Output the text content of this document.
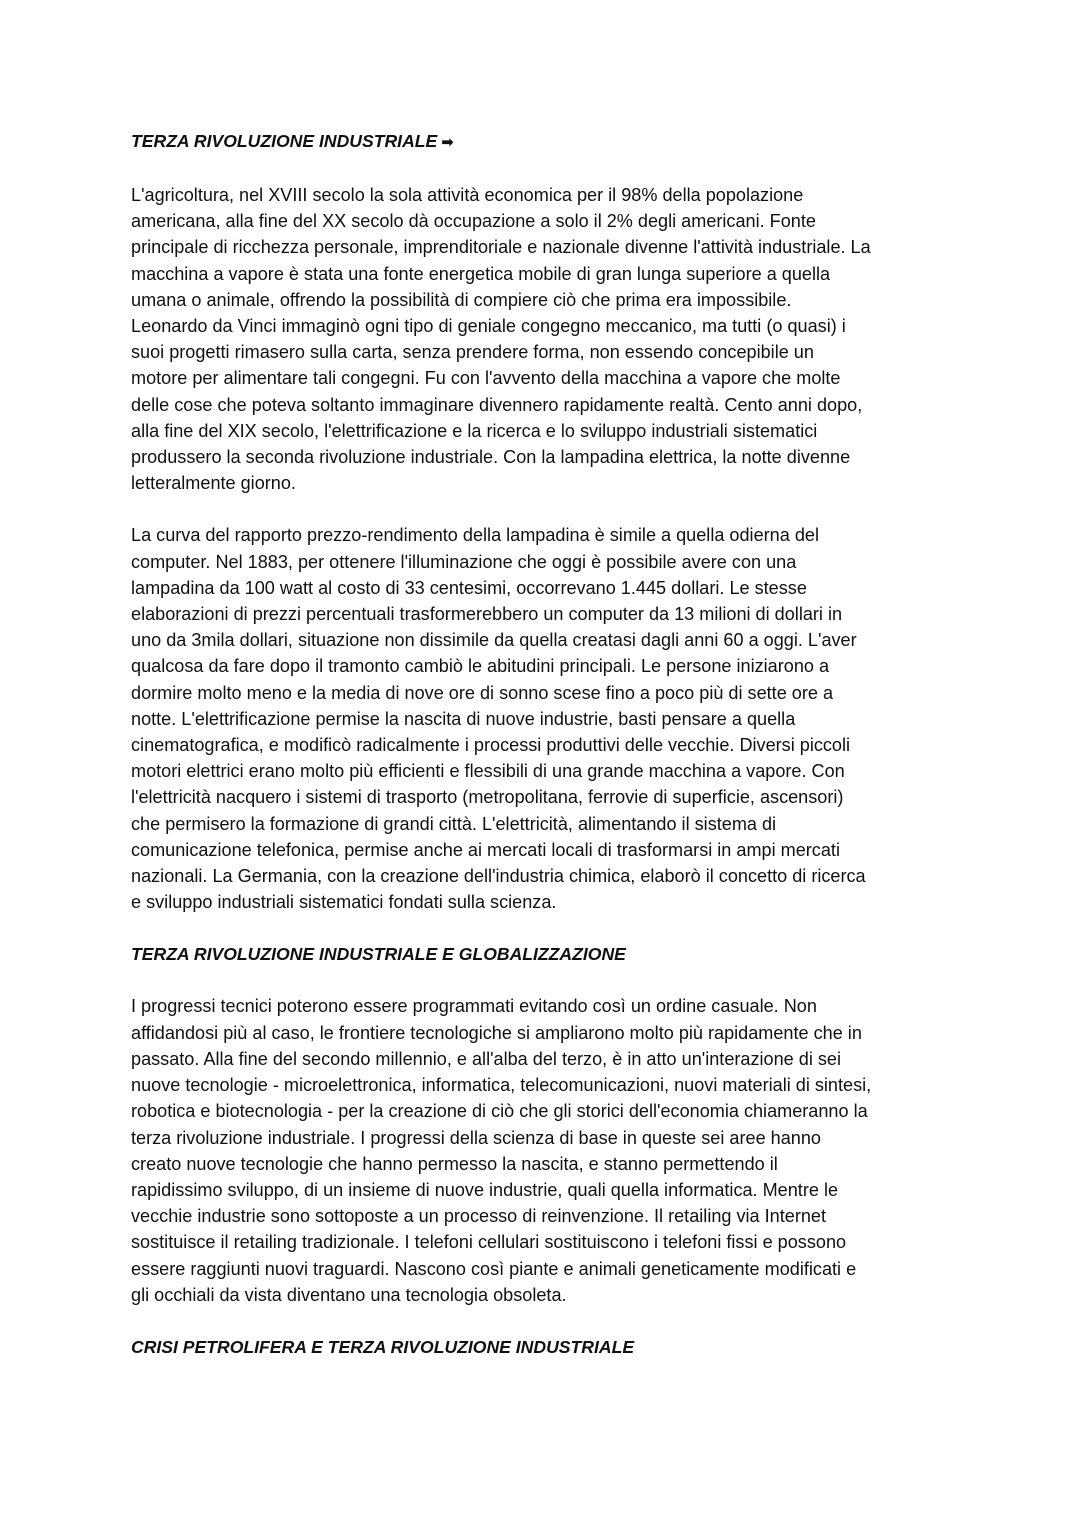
TERZA RIVOLUZIONE INDUSTRIALE ➡

L'agricoltura, nel XVIII secolo la sola attività economica per il 98% della popolazione
americana, alla fine del XX secolo dà occupazione a solo il 2% degli americani. Fonte
principale di ricchezza personale, imprenditoriale e nazionale divenne l'attività industriale. La
macchina a vapore è stata una fonte energetica mobile di gran lunga superiore a quella
umana o animale, offrendo la possibilità di compiere ciò che prima era impossibile.
Leonardo da Vinci immaginò ogni tipo di geniale congegno meccanico, ma tutti (o quasi) i
suoi progetti rimasero sulla carta, senza prendere forma, non essendo concepibile un
motore per alimentare tali congegni. Fu con l'avvento della macchina a vapore che molte
delle cose che poteva soltanto immaginare divennero rapidamente realtà. Cento anni dopo,
alla fine del XIX secolo, l'elettrificazione e la ricerca e lo sviluppo industriali sistematici
produssero la seconda rivoluzione industriale. Con la lampadina elettrica, la notte divenne
letteralmente giorno.

La curva del rapporto prezzo-rendimento della lampadina è simile a quella odierna del
computer. Nel 1883, per ottenere l'illuminazione che oggi è possibile avere con una
lampadina da 100 watt al costo di 33 centesimi, occorrevano 1.445 dollari. Le stesse
elaborazioni di prezzi percentuali trasformerebbero un computer da 13 milioni di dollari in
uno da 3mila dollari, situazione non dissimile da quella creatasi dagli anni 60 a oggi. L'aver
qualcosa da fare dopo il tramonto cambiò le abitudini principali. Le persone iniziarono a
dormire molto meno e la media di nove ore di sonno scese fino a poco più di sette ore a
notte. L'elettrificazione permise la nascita di nuove industrie, basti pensare a quella
cinematografica, e modificò radicalmente i processi produttivi delle vecchie. Diversi piccoli
motori elettrici erano molto più efficienti e flessibili di una grande macchina a vapore. Con
l'elettricità nacquero i sistemi di trasporto (metropolitana, ferrovie di superficie, ascensori)
che permisero la formazione di grandi città. L'elettricità, alimentando il sistema di
comunicazione telefonica, permise anche ai mercati locali di trasformarsi in ampi mercati
nazionali. La Germania, con la creazione dell'industria chimica, elaborò il concetto di ricerca
e sviluppo industriali sistematici fondati sulla scienza.

TERZA RIVOLUZIONE INDUSTRIALE E GLOBALIZZAZIONE

I progressi tecnici poterono essere programmati evitando così un ordine casuale. Non
affidandosi più al caso, le frontiere tecnologiche si ampliarono molto più rapidamente che in
passato. Alla fine del secondo millennio, e all'alba del terzo, è in atto un'interazione di sei
nuove tecnologie - microelettronica, informatica, telecomunicazioni, nuovi materiali di sintesi,
robotica e biotecnologia - per la creazione di ciò che gli storici dell'economia chiameranno la
terza rivoluzione industriale. I progressi della scienza di base in queste sei aree hanno
creato nuove tecnologie che hanno permesso la nascita, e stanno permettendo il
rapidissimo sviluppo, di un insieme di nuove industrie, quali quella informatica. Mentre le
vecchie industrie sono sottoposte a un processo di reinvenzione. Il retailing via Internet
sostituisce il retailing tradizionale. I telefoni cellulari sostituiscono i telefoni fissi e possono
essere raggiunti nuovi traguardi. Nascono così piante e animali geneticamente modificati e
gli occhiali da vista diventano una tecnologia obsoleta.

CRISI PETROLIFERA E TERZA RIVOLUZIONE INDUSTRIALE
